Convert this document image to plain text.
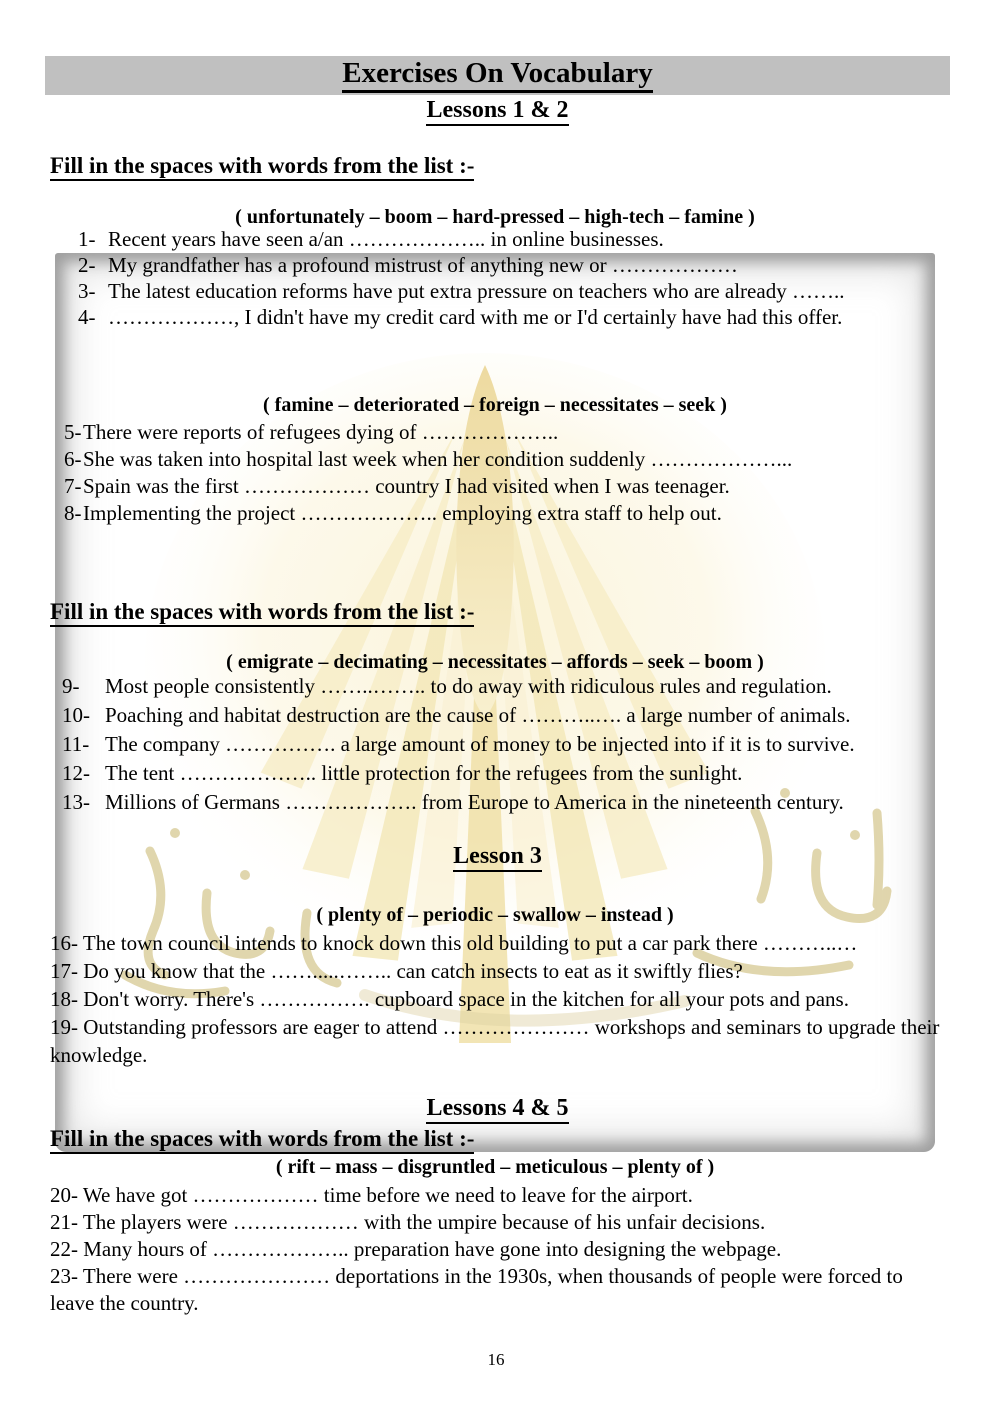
Exercises On Vocabulary
Lessons 1 & 2
Fill in the spaces with words from the list :-
( unfortunately – boom – hard-pressed – high-tech – famine )
1- Recent years have seen a/an ……………….. in online businesses.
2- My grandfather has a profound mistrust of anything new or ………………
3- The latest education reforms have put extra pressure on teachers who are already ……..
4- ………………, I didn't have my credit card with me or I'd certainly have had this offer.
( famine – deteriorated – foreign – necessitates – seek )
5- There were reports of refugees dying of ………………..
6- She was taken into hospital last week when her condition suddenly ………………...
7- Spain was the first ……………… country I had visited when I was teenager.
8- Implementing the project ……………….. employing extra staff to help out.
Fill in the spaces with words from the list :-
( emigrate – decimating – necessitates – affords – seek – boom )
9-	Most people consistently ……..…….. to do away with ridiculous rules and regulation.
10- Poaching and habitat destruction are the cause of ………..…. a large number of animals.
11- The company ……………. a large amount of money to be injected into if it is to survive.
12- The tent ……………….. little protection for the refugees from the sunlight.
13- Millions of Germans ………………. from Europe to America in the nineteenth century.
Lesson 3
( plenty of – periodic – swallow – instead )

16- The town council intends to knock down this old building to put a car park there ………..…

17- Do you know that the …….....…….. can catch insects to eat as it swiftly flies?

18- Don't worry. There's ……………. cupboard space in the kitchen for all your pots and pans.

19- Outstanding professors are eager to attend ………………… workshops and seminars to upgrade their knowledge.

Lessons 4 & 5
Fill in the spaces with words from the list :-
( rift – mass – disgruntled – meticulous – plenty of )

20- We have got ……………… time before we need to leave for the airport.

21- The players were ……………… with the umpire because of his unfair decisions.

22- Many hours of ……………….. preparation have gone into designing the webpage.

23- There were ………………… deportations in the 1930s, when thousands of people were forced to leave the country.

16
